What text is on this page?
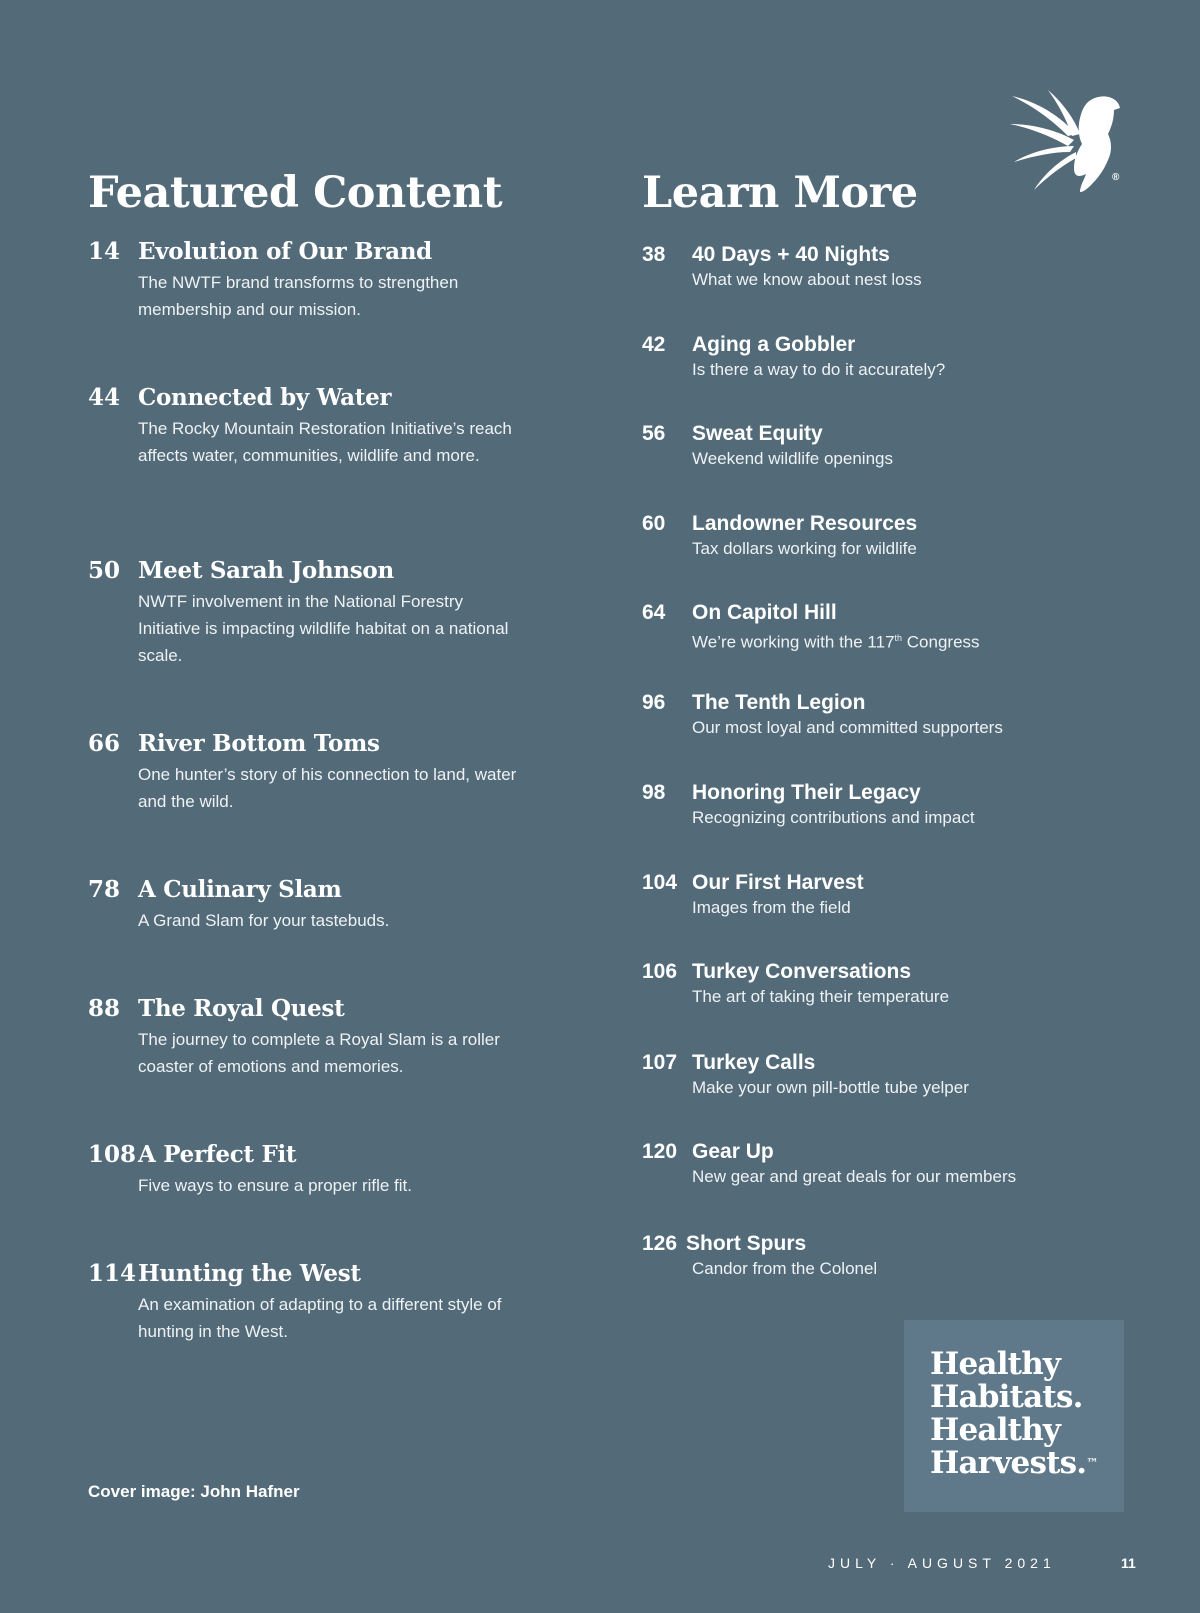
Featured Content	Learn More	®
14 Evolution of Our Brand
The NWTF brand transforms to strengthen membership and our mission.
44 Connected by Water
The Rocky Mountain Restoration Initiative’s reach affects water, communities, wildlife and more.
50 Meet Sarah Johnson
NWTF involvement in the National Forestry Initiative is impacting wildlife habitat on a national scale.
66 River Bottom Toms
One hunter’s story of his connection to land, water and the wild.
78 A Culinary Slam
A Grand Slam for your tastebuds.
88 The Royal Quest
The journey to complete a Royal Slam is a roller coaster of emotions and memories.
108 A Perfect Fit
Five ways to ensure a proper rifle fit.
114 Hunting the West
An examination of adapting to a different style of hunting in the West.
38	40 Days + 40 Nights
What we know about nest loss
42	Aging a Gobbler
Is there a way to do it accurately?
56	Sweat Equity
Weekend wildlife openings
60	Landowner Resources
Tax dollars working for wildlife
64	On Capitol Hill
We’re working with the 117th Congress
96	The Tenth Legion
Our most loyal and committed supporters
98	Honoring Their Legacy
Recognizing contributions and impact
104 Our First Harvest
Images from the field
106 Turkey Conversations
The art of taking their temperature
107 Turkey Calls
Make your own pill-bottle tube yelper
120 Gear Up
New gear and great deals for our members
126 Short Spurs
Candor from the Colonel
Healthy
Habitats.
Healthy
Harvests.™
Cover image: John Hafner
JULY · AUGUST 2021	11
